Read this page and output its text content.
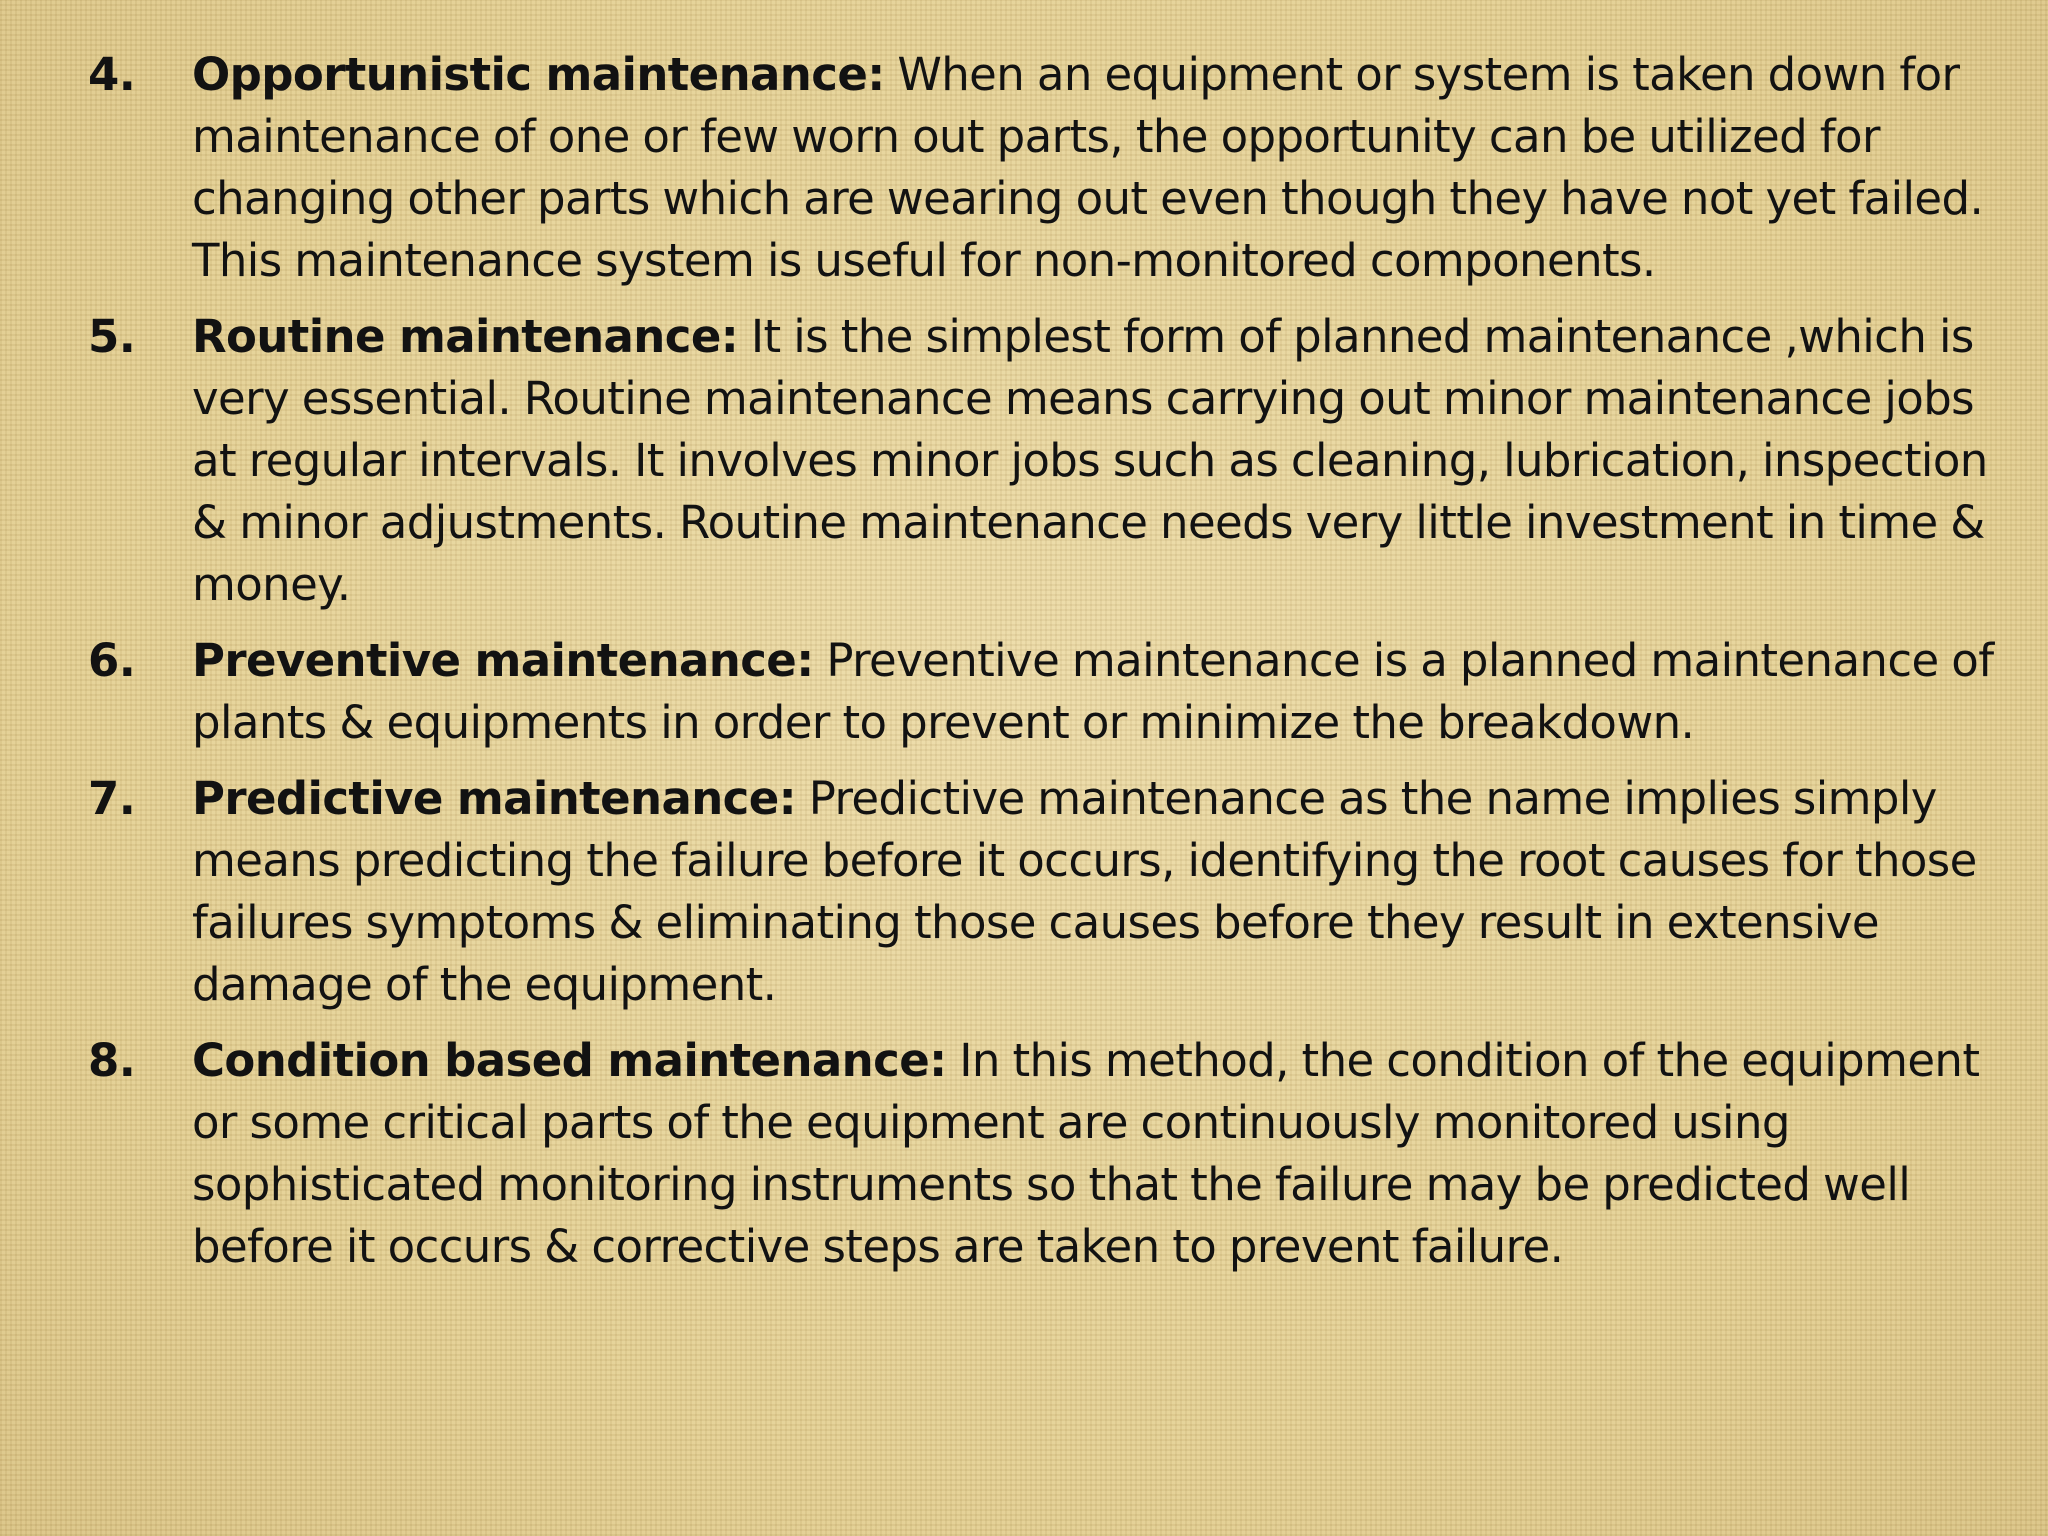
4.	Opportunistic maintenance: When an equipment or system is taken down for maintenance of one or few worn out parts, the opportunity can be utilized for changing other parts which are wearing out even though they have not yet failed. This maintenance system is useful for non-monitored components.
5.	Routine maintenance: It is the simplest form of planned maintenance ,which is very essential. Routine maintenance means carrying out minor maintenance jobs at regular intervals. It involves minor jobs such as cleaning, lubrication, inspection & minor adjustments. Routine maintenance needs very little investment in time & money.
6.	Preventive maintenance: Preventive maintenance is a planned maintenance of plants & equipments in order to prevent or minimize the breakdown.
7.	Predictive maintenance: Predictive maintenance as the name implies simply means predicting the failure before it occurs, identifying the root causes for those failures symptoms & eliminating those causes before they result in extensive damage of the equipment.
8.	Condition based maintenance: In this method, the condition of the equipment or some critical parts of the equipment are continuously monitored using sophisticated monitoring instruments so that the failure may be predicted well before it occurs & corrective steps are taken to prevent failure.
